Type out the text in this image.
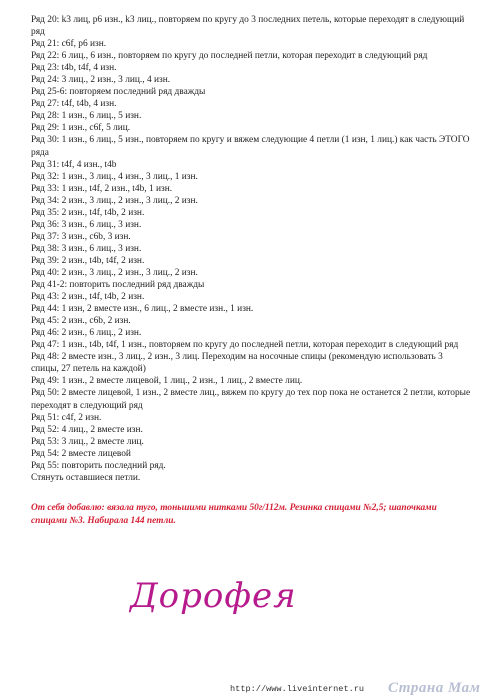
Ряд 20: k3 лиц, p6 изн., k3 лиц., повторяем по кругу до 3 последних петель, которые переходят в следующий ряд
Ряд 21: c6f, p6 изн.
Ряд 22: 6 лиц., 6 изн., повторяем по кругу до последней петли, которая переходит в следующий ряд
Ряд 23: t4b, t4f, 4 изн.
Ряд 24: 3 лиц., 2 изн., 3 лиц., 4 изн.
Ряд 25-6: повторяем последний ряд дважды
Ряд 27: t4f, t4b, 4 изн.
Ряд 28: 1 изн., 6 лиц., 5 изн.
Ряд 29: 1 изн., c6f, 5 лиц.
Ряд 30: 1 изн., 6 лиц., 5 изн., повторяем по кругу и вяжем следующие 4 петли (1 изн, 1 лиц.) как часть ЭТОГО ряда
Ряд 31: t4f, 4 изн., t4b
Ряд 32: 1 изн., 3 лиц., 4 изн., 3 лиц., 1 изн.
Ряд 33: 1 изн., t4f, 2 изн., t4b, 1 изн.
Ряд 34: 2 изн., 3 лиц., 2 изн., 3 лиц., 2 изн.
Ряд 35: 2 изн., t4f, t4b, 2 изн.
Ряд 36: 3 изн., 6 лиц., 3 изн.
Ряд 37: 3 изн., c6b, 3 изн.
Ряд 38: 3 изн., 6 лиц., 3 изн.
Ряд 39: 2 изн., t4b, t4f, 2 изн.
Ряд 40: 2 изн., 3 лиц., 2 изн., 3 лиц., 2 изн.
Ряд 41-2: повторить последний ряд дважды
Ряд 43: 2 изн., t4f, t4b, 2 изн.
Ряд 44: 1 изн, 2 вместе изн., 6 лиц., 2 вместе изн., 1 изн.
Ряд 45: 2 изн., c6b, 2 изн.
Ряд 46: 2 изн., 6 лиц., 2 изн.
Ряд 47: 1 изн., t4b, t4f, 1 изн., повторяем по кругу до последней петли, которая переходит в следующий ряд
Ряд 48: 2 вместе изн., 3 лиц., 2 изн., 3 лиц. Переходим на носочные спицы (рекомендую использовать 3 спицы, 27 петель на каждой)
Ряд 49: 1 изн., 2 вместе лицевой, 1 лиц., 2 изн., 1 лиц., 2 вместе лиц.
Ряд 50: 2 вместе лицевой, 1 изн., 2 вместе лиц., вяжем по кругу до тех пор пока не останется 2 петли, которые переходят в следующий ряд
Ряд 51: c4f, 2 изн.
Ряд 52: 4 лиц., 2 вместе изн.
Ряд 53: 3 лиц., 2 вместе лиц.
Ряд 54: 2 вместе лицевой
Ряд 55: повторить последний ряд.
Стянуть оставшиеся петли.
От себя добавлю: вязала туго, тоньшими нитками 50г/112м. Резинка спицами №2,5; шапочками спицами №3. Набирала 144 петли.
Дорофея
http://www.liveinternet.ru Страна Мам
